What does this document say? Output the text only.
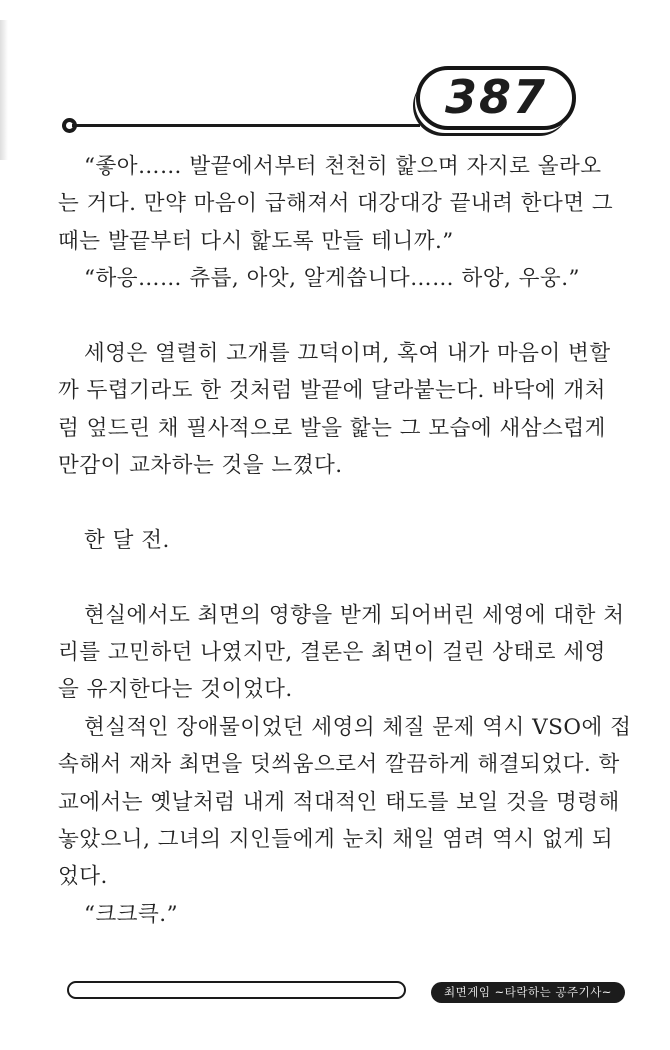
387
“좋아…… 발끝에서부터 천천히 핥으며 자지로 올라오
는 거다. 만약 마음이 급해져서 대강대강 끝내려 한다면 그
때는 발끝부터 다시 핥도록 만들 테니까.”
“하응…… 츄릅, 아앗, 알게씁니다…… 하앙, 우웅.”
세영은 열렬히 고개를 끄덕이며, 혹여 내가 마음이 변할
까 두렵기라도 한 것처럼 발끝에 달라붙는다. 바닥에 개처
럼 엎드린 채 필사적으로 발을 핥는 그 모습에 새삼스럽게
만감이 교차하는 것을 느꼈다.
한 달 전.
현실에서도 최면의 영향을 받게 되어버린 세영에 대한 처
리를 고민하던 나였지만, 결론은 최면이 걸린 상태로 세영
을 유지한다는 것이었다.
현실적인 장애물이었던 세영의 체질 문제 역시 VSO에 접
속해서 재차 최면을 덧씌움으로서 깔끔하게 해결되었다. 학
교에서는 옛날처럼 내게 적대적인 태도를 보일 것을 명령해
놓았으니, 그녀의 지인들에게 눈치 채일 염려 역시 없게 되
었다.
“크크큭.”
최면게임 ~타락하는 공주기사~
